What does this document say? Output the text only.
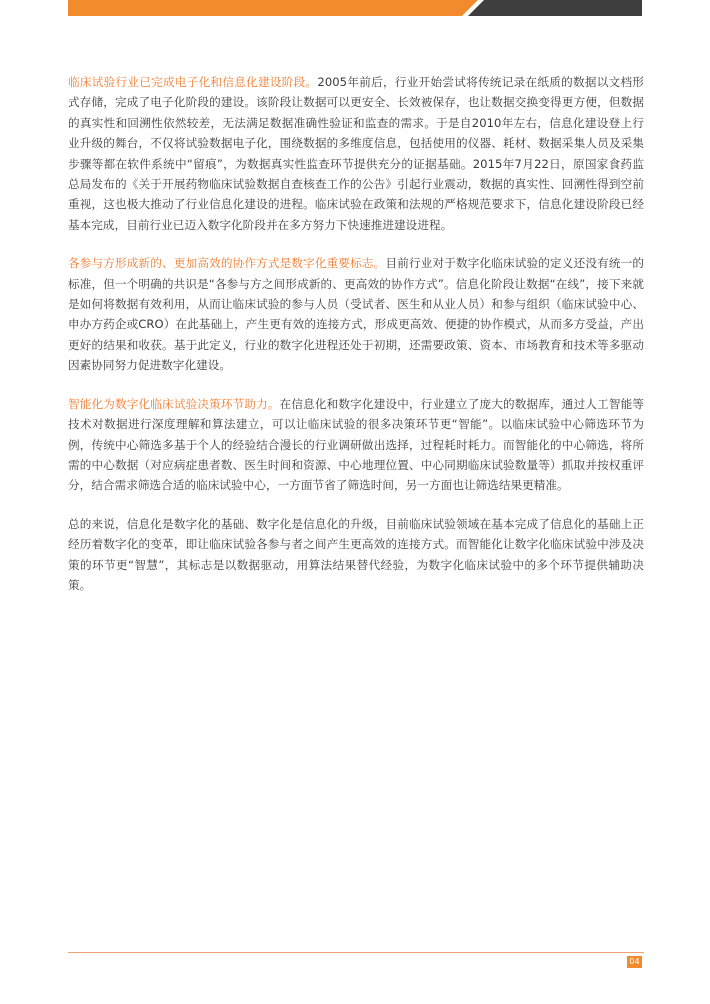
临床试验行业已完成电子化和信息化建设阶段。2005年前后，行业开始尝试将传统记录在纸质的数据以文档形式存储，完成了电子化阶段的建设。该阶段让数据可以更安全、长效被保存，也让数据交换变得更方便，但数据的真实性和回溯性依然较差，无法满足数据准确性验证和监查的需求。于是自2010年左右，信息化建设登上行业升级的舞台，不仅将试验数据电子化，围绕数据的多维度信息，包括使用的仪器、耗材、数据采集人员及采集步骤等都在软件系统中“留痕”，为数据真实性监查环节提供充分的证据基础。2015年7月22日，原国家食药监总局发布的《关于开展药物临床试验数据自查核查工作的公告》引起行业震动，数据的真实性、回溯性得到空前重视，这也极大推动了行业信息化建设的进程。临床试验在政策和法规的严格规范要求下，信息化建设阶段已经基本完成，目前行业已迈入数字化阶段并在多方努力下快速推进建设进程。

各参与方形成新的、更加高效的协作方式是数字化重要标志。目前行业对于数字化临床试验的定义还没有统一的标准，但一个明确的共识是“各参与方之间形成新的、更高效的协作方式”。信息化阶段让数据“在线”，接下来就是如何将数据有效利用，从而让临床试验的参与人员（受试者、医生和从业人员）和参与组织（临床试验中心、申办方药企或CRO）在此基础上，产生更有效的连接方式，形成更高效、便捷的协作模式，从而多方受益，产出更好的结果和收获。基于此定义，行业的数字化进程还处于初期，还需要政策、资本、市场教育和技术等多驱动因素协同努力促进数字化建设。

智能化为数字化临床试验决策环节助力。在信息化和数字化建设中，行业建立了庞大的数据库，通过人工智能等技术对数据进行深度理解和算法建立，可以让临床试验的很多决策环节更“智能”。以临床试验中心筛选环节为例，传统中心筛选多基于个人的经验结合漫长的行业调研做出选择，过程耗时耗力。而智能化的中心筛选，将所需的中心数据（对应病症患者数、医生时间和资源、中心地理位置、中心同期临床试验数量等）抓取并按权重评分，结合需求筛选合适的临床试验中心，一方面节省了筛选时间，另一方面也让筛选结果更精准。

总的来说，信息化是数字化的基础、数字化是信息化的升级，目前临床试验领域在基本完成了信息化的基础上正经历着数字化的变革，即让临床试验各参与者之间产生更高效的连接方式。而智能化让数字化临床试验中涉及决策的环节更“智慧”，其标志是以数据驱动，用算法结果替代经验，为数字化临床试验中的多个环节提供辅助决策。

04
